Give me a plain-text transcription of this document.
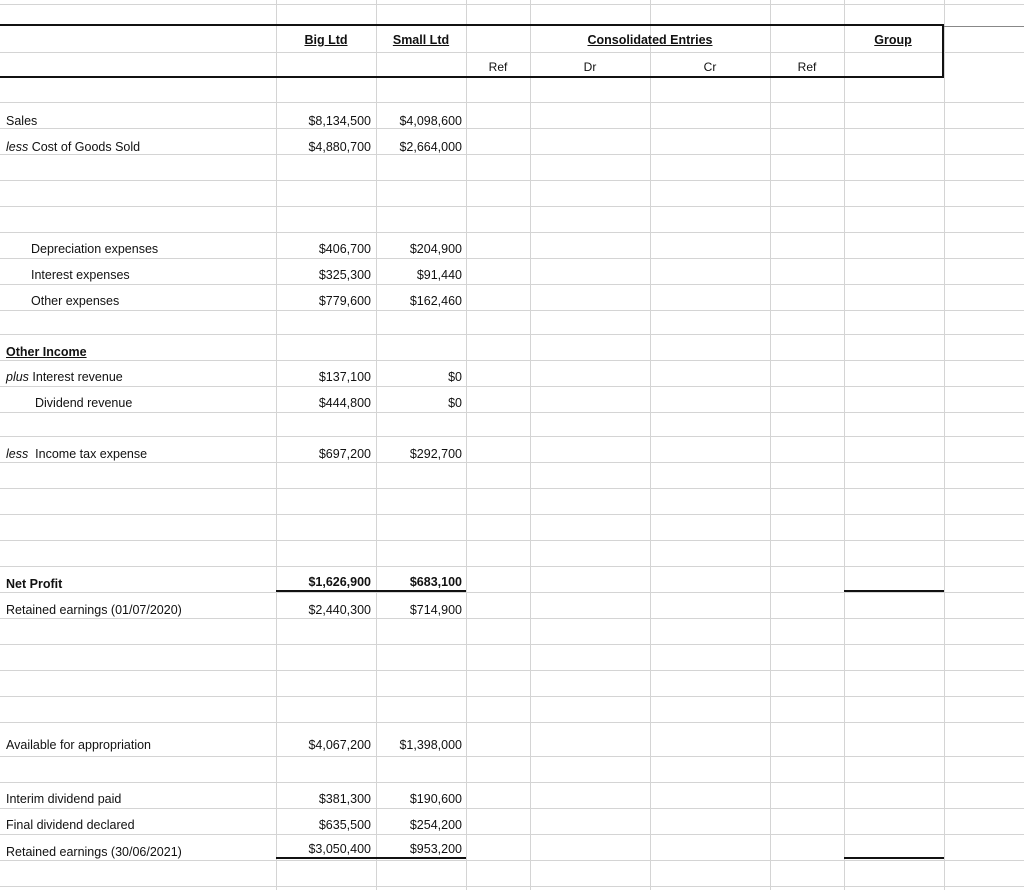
Big Ltd	Small Ltd	Consolidated Entries	Group
Ref	Dr	Cr	Ref
Sales	$8,134,500	$4,098,600
less Cost of Goods Sold	$4,880,700	$2,664,000
Depreciation expenses	$406,700	$204,900
Interest expenses	$325,300	$91,440
Other expenses	$779,600	$162,460
Other Income
plus Interest revenue	$137,100	$0
Dividend revenue	$444,800	$0
less  Income tax expense	$697,200	$292,700
Net Profit	$1,626,900	$683,100
Retained earnings (01/07/2020)	$2,440,300	$714,900
Available for appropriation	$4,067,200	$1,398,000
Interim dividend paid	$381,300	$190,600
Final dividend declared	$635,500	$254,200
Retained earnings (30/06/2021)	$3,050,400	$953,200
